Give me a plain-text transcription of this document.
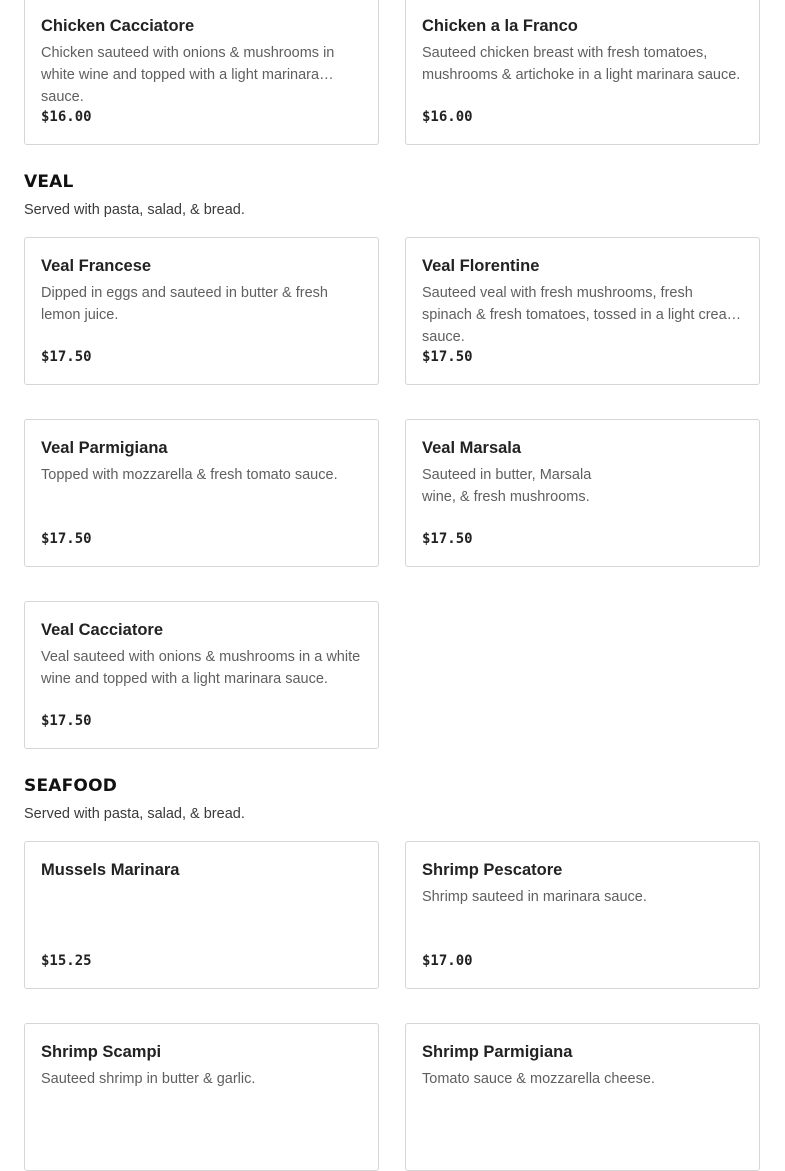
Chicken Cacciatore
Chicken sauteed with onions & mushrooms in white wine and topped with a light marinara sauce.
$16.00
Chicken a la Franco
Sauteed chicken breast with fresh tomatoes, mushrooms & artichoke in a light marinara sauce.
$16.00
VEAL
Served with pasta, salad, & bread.
Veal Francese
Dipped in eggs and sauteed in butter & fresh lemon juice.
$17.50
Veal Florentine
Sauteed veal with fresh mushrooms, fresh spinach & fresh tomatoes, tossed in a light cream sauce.
$17.50
Veal Parmigiana
Topped with mozzarella & fresh tomato sauce.
$17.50
Veal Marsala
Sauteed in butter, Marsala wine, & fresh mushrooms.
$17.50
Veal Cacciatore
Veal sauteed with onions & mushrooms in a white wine and topped with a light marinara sauce.
$17.50
SEAFOOD
Served with pasta, salad, & bread.
Mussels Marinara
$15.25
Shrimp Pescatore
Shrimp sauteed in marinara sauce.
$17.00
Shrimp Scampi
Sauteed shrimp in butter & garlic.
Shrimp Parmigiana
Tomato sauce & mozzarella cheese.
